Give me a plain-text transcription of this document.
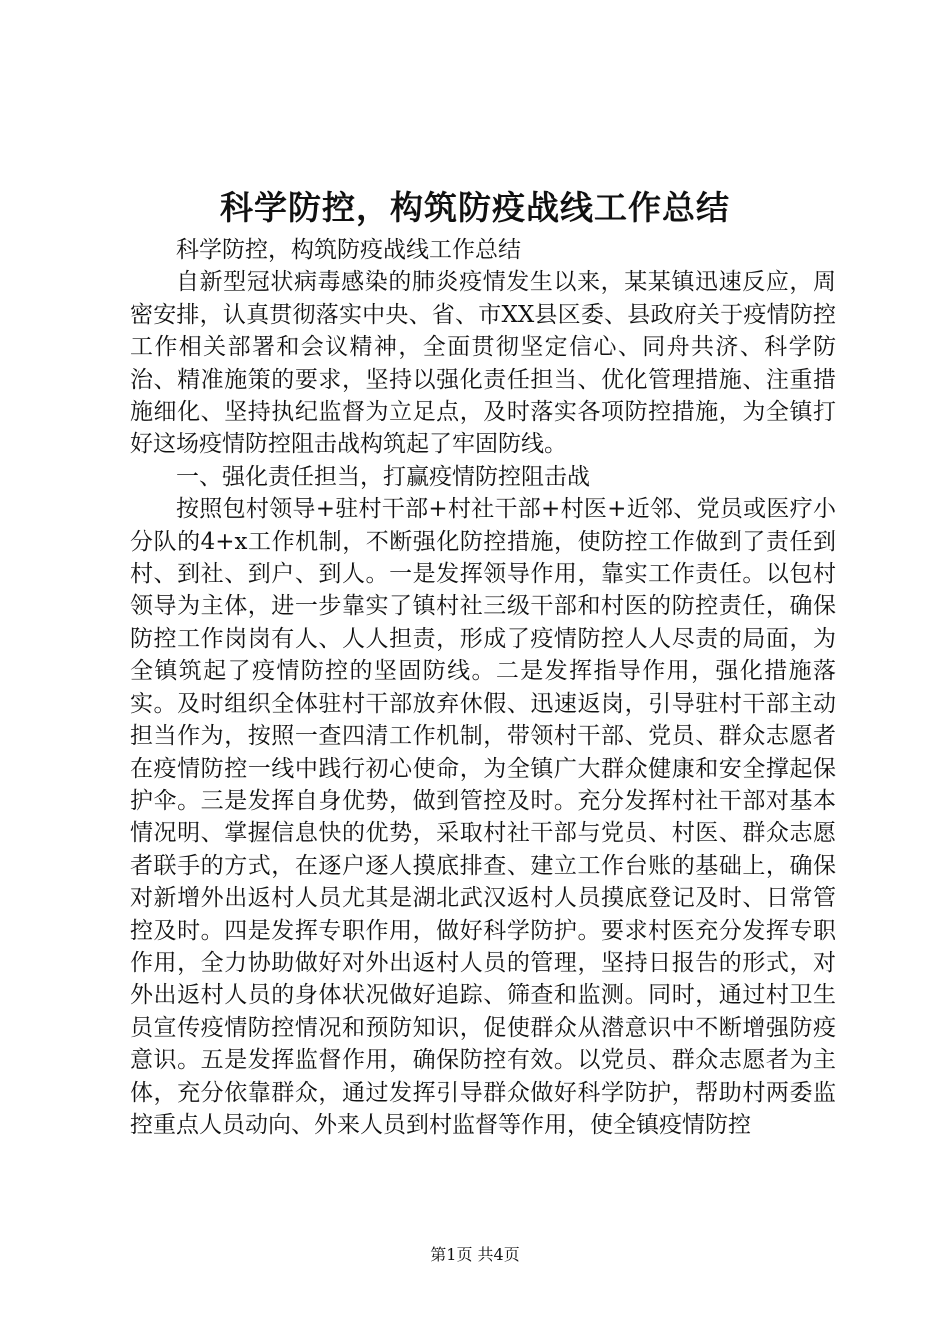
科学防控，构筑防疫战线工作总结

科学防控，构筑防疫战线工作总结

自新型冠状病毒感染的肺炎疫情发生以来，某某镇迅速反应，周密安排，认真贯彻落实中央、省、市XX县区委、县政府关于疫情防控工作相关部署和会议精神，全面贯彻坚定信心、同舟共济、科学防治、精准施策的要求，坚持以强化责任担当、优化管理措施、注重措施细化、坚持执纪监督为立足点，及时落实各项防控措施，为全镇打好这场疫情防控阻击战构筑起了牢固防线。

一、强化责任担当，打赢疫情防控阻击战

按照包村领导+驻村干部+村社干部+村医+近邻、党员或医疗小分队的4+x工作机制，不断强化防控措施，使防控工作做到了责任到村、到社、到户、到人。一是发挥领导作用，靠实工作责任。以包村领导为主体，进一步靠实了镇村社三级干部和村医的防控责任，确保防控工作岗岗有人、人人担责，形成了疫情防控人人尽责的局面，为全镇筑起了疫情防控的坚固防线。二是发挥指导作用，强化措施落实。及时组织全体驻村干部放弃休假、迅速返岗，引导驻村干部主动担当作为，按照一查四清工作机制，带领村干部、党员、群众志愿者在疫情防控一线中践行初心使命，为全镇广大群众健康和安全撑起保护伞。三是发挥自身优势，做到管控及时。充分发挥村社干部对基本情况明、掌握信息快的优势，采取村社干部与党员、村医、群众志愿者联手的方式，在逐户逐人摸底排查、建立工作台账的基础上，确保对新增外出返村人员尤其是湖北武汉返村人员摸底登记及时、日常管控及时。四是发挥专职作用，做好科学防护。要求村医充分发挥专职作用，全力协助做好对外出返村人员的管理，坚持日报告的形式，对外出返村人员的身体状况做好追踪、筛查和监测。同时，通过村卫生员宣传疫情防控情况和预防知识，促使群众从潜意识中不断增强防疫意识。五是发挥监督作用，确保防控有效。以党员、群众志愿者为主体，充分依靠群众，通过发挥引导群众做好科学防护，帮助村两委监控重点人员动向、外来人员到村监督等作用，使全镇疫情防控

第1页 共4页
